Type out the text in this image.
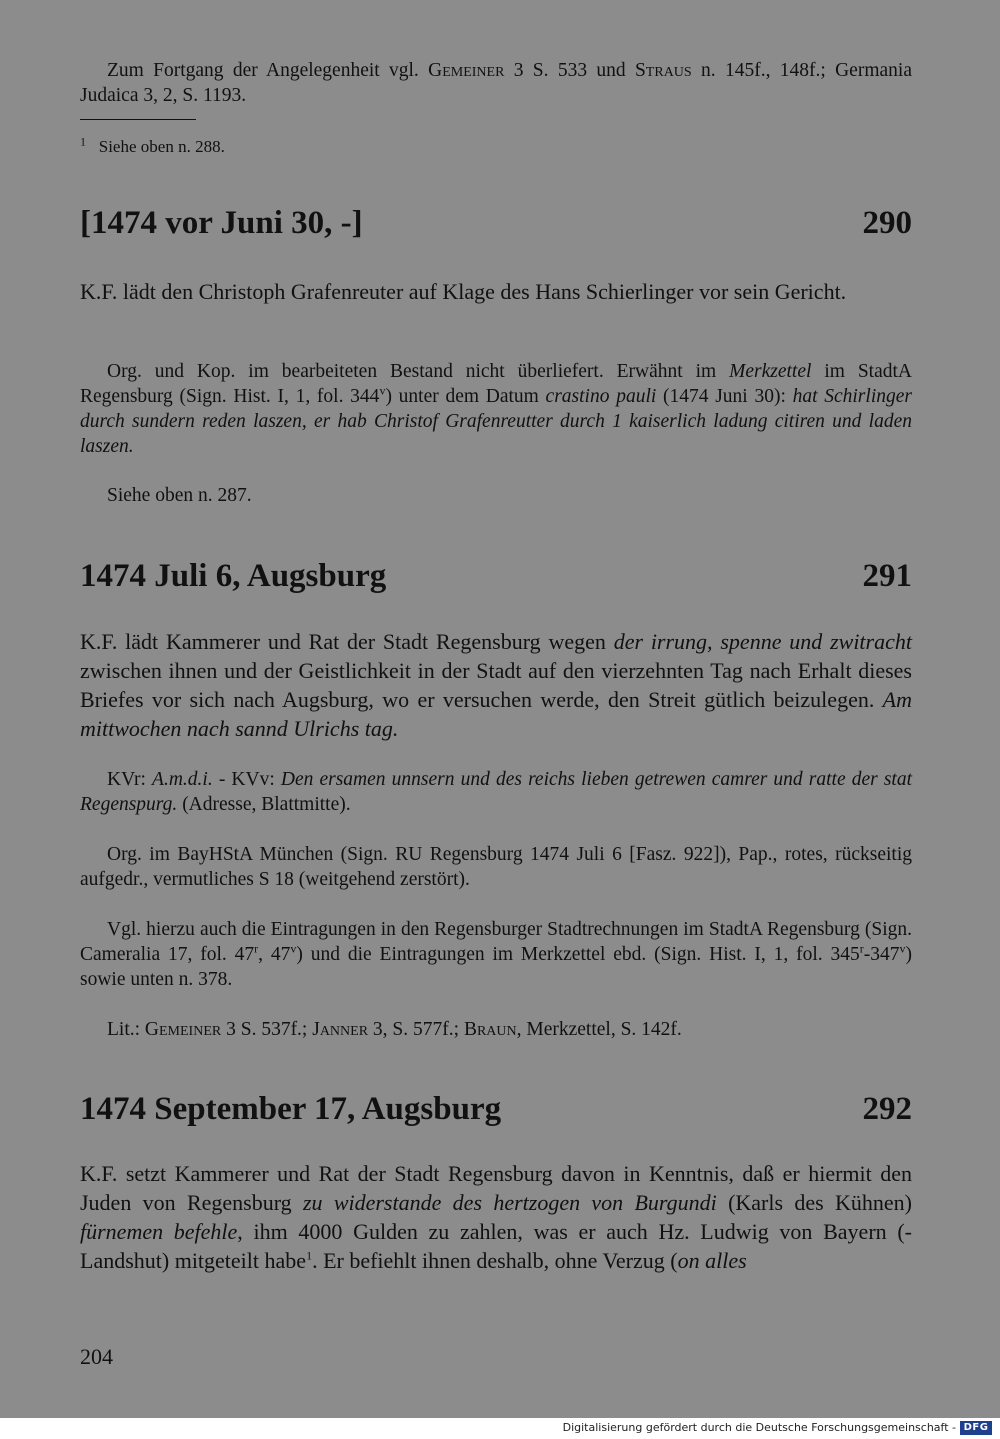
Zum Fortgang der Angelegenheit vgl. Gemeiner 3 S. 533 und Straus n. 145f., 148f.; Germania Judaica 3, 2, S. 1193.

$^1$ Siehe oben n. 288.

[1474 vor Juni 30, -]	290

K.F. lädt den Christoph Grafenreuter auf Klage des Hans Schierlinger vor sein Gericht.

Org. und Kop. im bearbeiteten Bestand nicht überliefert. Erwähnt im Merkzettel im StadtA Regensburg (Sign. Hist. I, 1, fol. 344$^v$) unter dem Datum crastino pauli (1474 Juni 30): hat Schirlinger durch sundern reden laszen, er hab Christof Grafenreutter durch 1 kaiserlich ladung citiren und laden laszen.

Siehe oben n. 287.

1474 Juli 6, Augsburg	291

K.F. lädt Kammerer und Rat der Stadt Regensburg wegen der irrung, spenne und zwitracht zwischen ihnen und der Geistlichkeit in der Stadt auf den vierzehnten Tag nach Erhalt dieses Briefes vor sich nach Augsburg, wo er versuchen werde, den Streit gütlich beizulegen. Am mittwochen nach sannd Ulrichs tag.

KVr: A.m.d.i. - KVv: Den ersamen unnsern und des reichs lieben getrewen camrer und ratte der stat Regenspurg. (Adresse, Blattmitte).

Org. im BayHStA München (Sign. RU Regensburg 1474 Juli 6 [Fasz. 922]), Pap., rotes, rückseitig aufgedr., vermutliches S 18 (weitgehend zerstört).

Vgl. hierzu auch die Eintragungen in den Regensburger Stadtrechnungen im StadtA Regensburg (Sign. Cameralia 17, fol. 47$^r$, 47$^v$) und die Eintragungen im Merkzettel ebd. (Sign. Hist. I, 1, fol. 345$^r$-347$^v$) sowie unten n. 378.

Lit.: Gemeiner 3 S. 537f.; Janner 3, S. 577f.; Braun, Merkzettel, S. 142f.

1474 September 17, Augsburg	292

K.F. setzt Kammerer und Rat der Stadt Regensburg davon in Kenntnis, daß er hiermit den Juden von Regensburg zu widerstande des hertzogen von Burgundi (Karls des Kühnen) fürnemen befehle, ihm 4000 Gulden zu zahlen, was er auch Hz. Ludwig von Bayern (-Landshut) mitgeteilt habe$^1$. Er befiehlt ihnen deshalb, ohne Verzug (on alles

204
Digitalisierung gefördert durch die Deutsche Forschungsgemeinschaft - DFG
